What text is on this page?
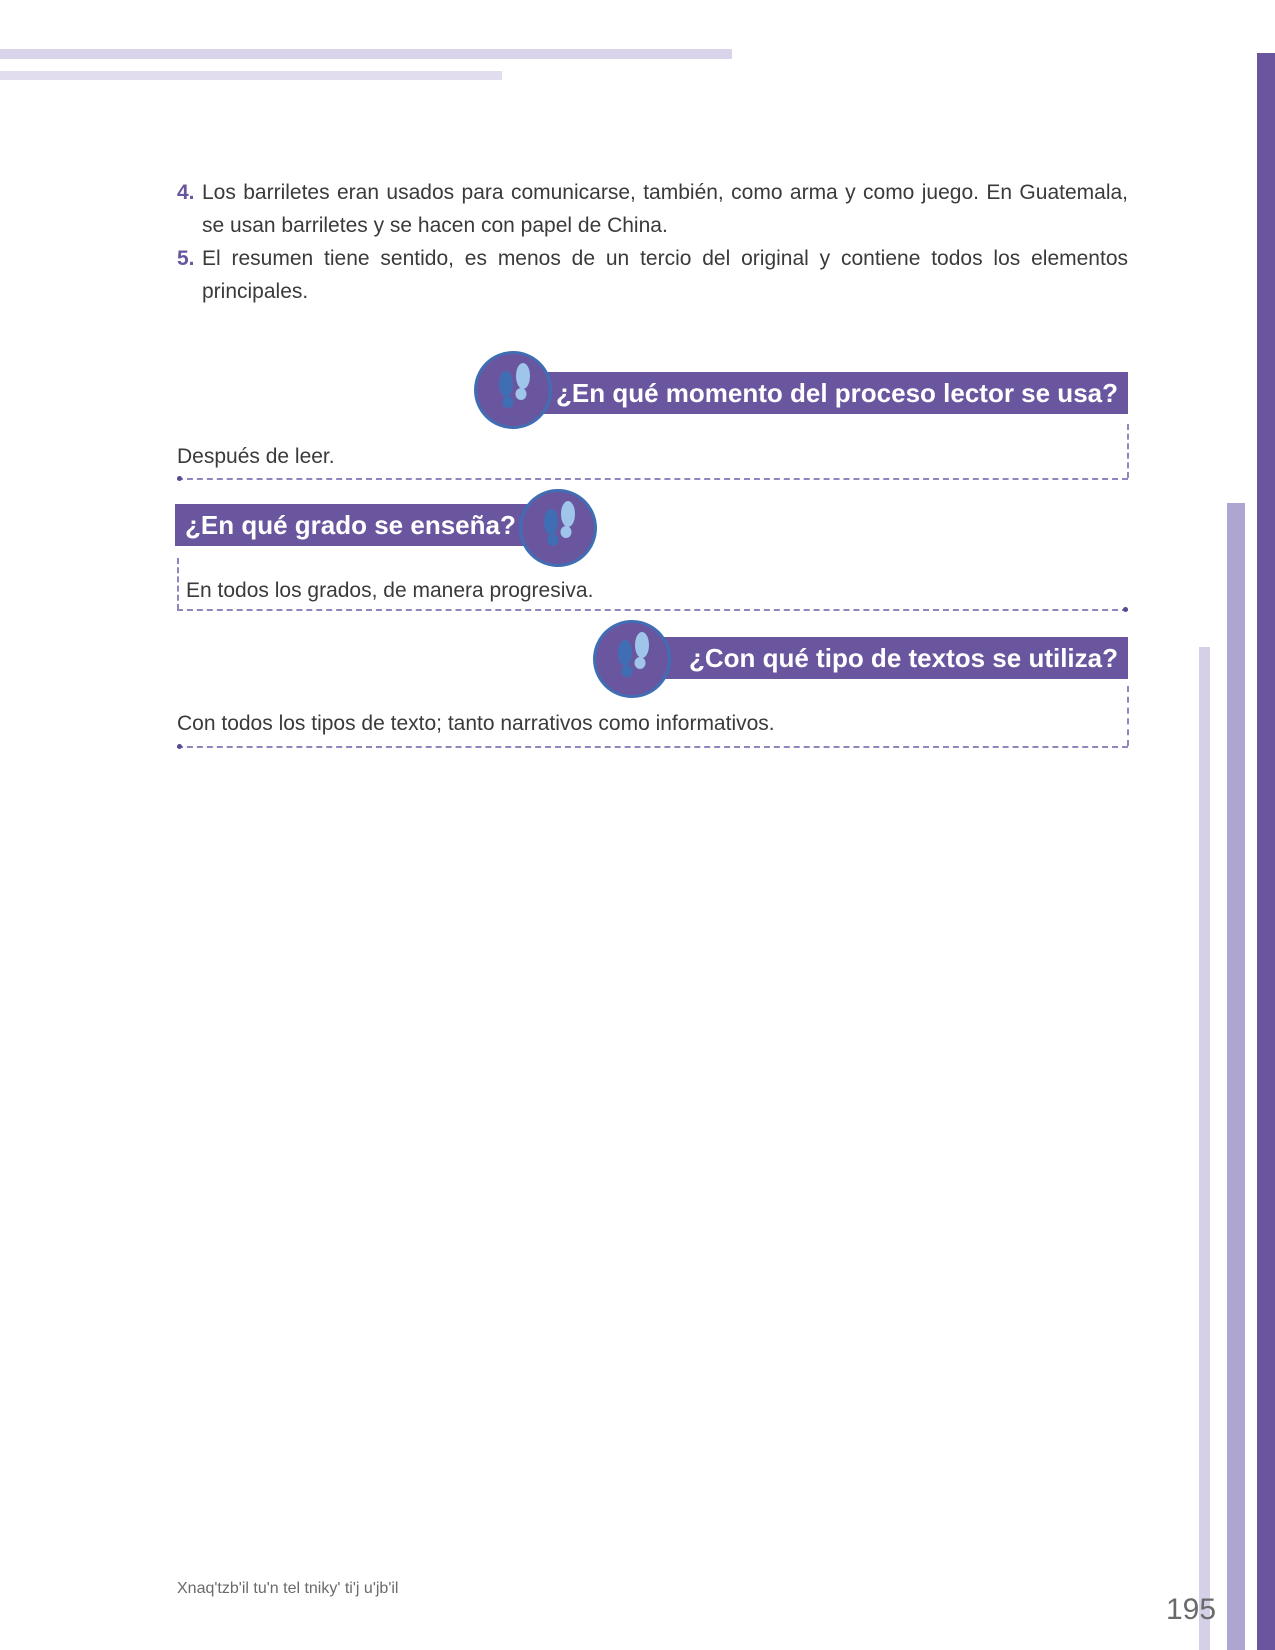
4. Los barriletes eran usados para comunicarse, también, como arma y como juego. En Guatemala, se usan barriletes y se hacen con papel de China.
5. El resumen tiene sentido, es menos de un tercio del original y contiene todos los elementos principales.
¿En qué momento del proceso lector se usa?
Después de leer.
¿En qué grado se enseña?
En todos los grados, de manera progresiva.
¿Con qué tipo de textos se utiliza?
Con todos los tipos de texto; tanto narrativos como informativos.
Xnaq'tzb'il tu'n tel tniky' ti'j u'jb'il
195
